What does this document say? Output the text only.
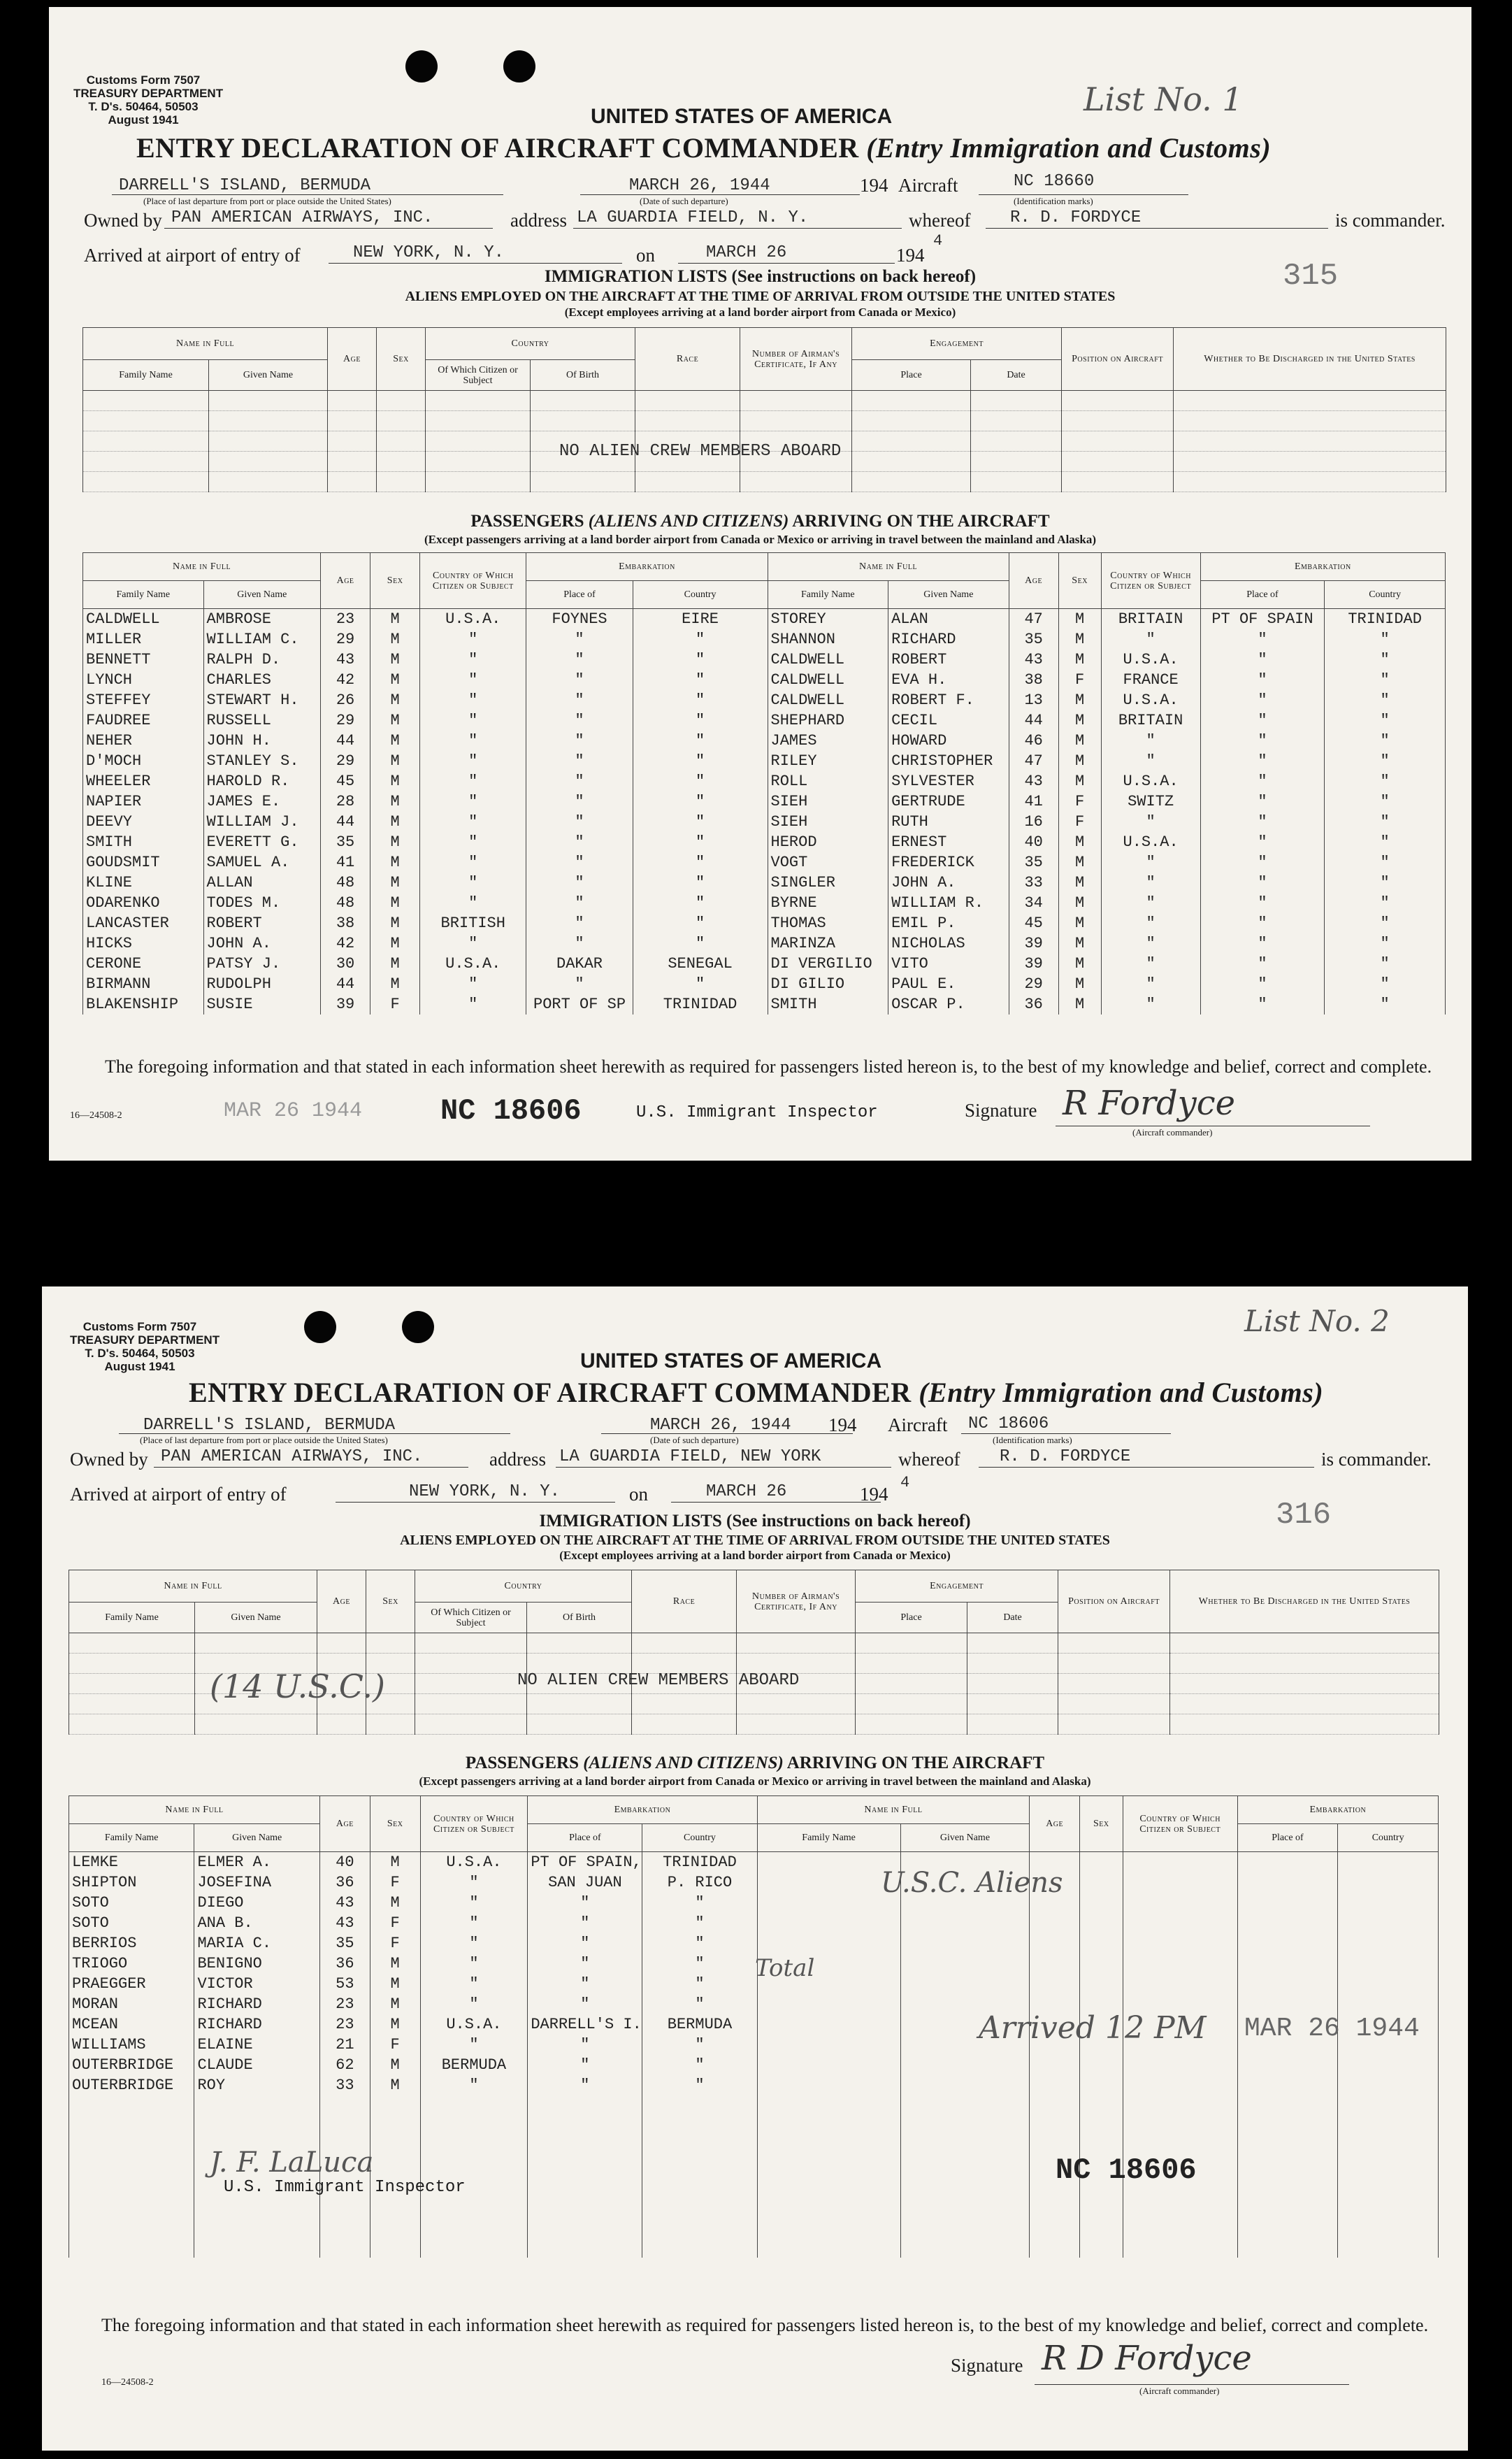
Customs Form 7507
TREASURY DEPARTMENT
T. D's. 50464, 50503
August 1941
List No. 1
UNITED STATES OF AMERICA
ENTRY DECLARATION OF AIRCRAFT COMMANDER (Entry Immigration and Customs)
DARRELL'S ISLAND, BERMUDA	MARCH 26, 1944	194 Aircraft	NC 18660
(Place of last departure from port or place outside the United States)	(Date of such departure)	(Identification marks)
Owned by PAN AMERICAN AIRWAYS, INC.	address LA GUARDIA FIELD, N. Y.	whereof R. D. FORDYCE	is commander.
Arrived at airport of entry of	NEW YORK, N. Y.	on	MARCH 26	194
4
315
IMMIGRATION LISTS (See instructions on back hereof)
ALIENS EMPLOYED ON THE AIRCRAFT AT THE TIME OF ARRIVAL FROM OUTSIDE THE UNITED STATES
(Except employees arriving at a land border airport from Canada or Mexico)
Name in Full		Age	Sex	Country		Race	Number of Airman's Certificate, If Any	Engagement		Position on Aircraft	Whether to Be Discharged in the United States
Family Name	Given Name			Of Which Citizen or Subject	Of Birth			Place	Date		

NO ALIEN CREW MEMBERS ABOARD
PASSENGERS (ALIENS AND CITIZENS) ARRIVING ON THE AIRCRAFT
(Except passengers arriving at a land border airport from Canada or Mexico or arriving in travel between the mainland and Alaska)
Name in Full		Age	Sex	Country of Which Citizen or Subject	Embarkation		Name in Full		Age	Sex	Country of Which Citizen or Subject	Embarkation	
Family Name	Given Name				Place of	Country	Family Name	Given Name				Place of	Country
CALDWELL	AMBROSE	23	M	U.S.A.	FOYNES	EIRE	STOREY	ALAN	47	M	BRITAIN	PT OF SPAIN	TRINIDAD
MILLER	WILLIAM C.	29	M	"	"	"	SHANNON	RICHARD	35	M	"	"	"
BENNETT	RALPH D.	43	M	"	"	"	CALDWELL	ROBERT	43	M	U.S.A.	"	"
LYNCH	CHARLES	42	M	"	"	"	CALDWELL	EVA H.	38	F	FRANCE	"	"
STEFFEY	STEWART H.	26	M	"	"	"	CALDWELL	ROBERT F.	13	M	U.S.A.	"	"
FAUDREE	RUSSELL	29	M	"	"	"	SHEPHARD	CECIL	44	M	BRITAIN	"	"
NEHER	JOHN H.	44	M	"	"	"	JAMES	HOWARD	46	M	"	"	"
D'MOCH	STANLEY S.	29	M	"	"	"	RILEY	CHRISTOPHER	47	M	"	"	"
WHEELER	HAROLD R.	45	M	"	"	"	ROLL	SYLVESTER	43	M	U.S.A.	"	"
NAPIER	JAMES E.	28	M	"	"	"	SIEH	GERTRUDE	41	F	SWITZ	"	"
DEEVY	WILLIAM J.	44	M	"	"	"	SIEH	RUTH	16	F	"	"	"
SMITH	EVERETT G.	35	M	"	"	"	HEROD	ERNEST	40	M	U.S.A.	"	"
GOUDSMIT	SAMUEL A.	41	M	"	"	"	VOGT	FREDERICK	35	M	"	"	"
KLINE	ALLAN	48	M	"	"	"	SINGLER	JOHN A.	33	M	"	"	"
ODARENKO	TODES M.	48	M	"	"	"	BYRNE	WILLIAM R.	34	M	"	"	"
LANCASTER	ROBERT	38	M	BRITISH	"	"	THOMAS	EMIL P.	45	M	"	"	"
HICKS	JOHN A.	42	M	"	"	"	MARINZA	NICHOLAS	39	M	"	"	"
CERONE	PATSY J.	30	M	U.S.A.	DAKAR	SENEGAL	DI VERGILIO	VITO	39	M	"	"	"
BIRMANN	RUDOLPH	44	M	"	"	"	DI GILIO	PAUL E.	29	M	"	"	"
BLAKENSHIP	SUSIE	39	F	"	PORT OF SP	TRINIDAD	SMITH	OSCAR P.	36	M	"	"	"
The foregoing information and that stated in each information sheet herewith as required for passengers listed hereon is, to the best of my knowledge and belief, correct and complete.
16—24508-2	MAR 26 1944	NC 18606	U.S. Immigrant Inspector	Signature R Fordyce
(Aircraft commander)
Customs Form 7507
TREASURY DEPARTMENT
T. D's. 50464, 50503
August 1941
List No. 2
UNITED STATES OF AMERICA
ENTRY DECLARATION OF AIRCRAFT COMMANDER (Entry Immigration and Customs)
DARRELL'S ISLAND, BERMUDA	MARCH 26, 1944 194 Aircraft NC 18606
(Place of last departure from port or place outside the United States)	(Date of such departure)	(Identification marks)
Owned by PAN AMERICAN AIRWAYS, INC.	address LA GUARDIA FIELD, NEW YORK	whereof R. D. FORDYCE	is commander.
Arrived at airport of entry of	NEW YORK, N. Y.	on	MARCH 26	194
4
316
IMMIGRATION LISTS (See instructions on back hereof)
ALIENS EMPLOYED ON THE AIRCRAFT AT THE TIME OF ARRIVAL FROM OUTSIDE THE UNITED STATES
(Except employees arriving at a land border airport from Canada or Mexico)
Name in Full		Age	Sex	Country		Race	Number of Airman's Certificate, If Any	Engagement		Position on Aircraft	Whether to Be Discharged in the United States
Family Name	Given Name			Of Which Citizen or Subject	Of Birth			Place	Date		

NO ALIEN CREW MEMBERS ABOARD
(14 U.S.C.)
PASSENGERS (ALIENS AND CITIZENS) ARRIVING ON THE AIRCRAFT
(Except passengers arriving at a land border airport from Canada or Mexico or arriving in travel between the mainland and Alaska)
Name in Full		Age	Sex	Country of Which Citizen or Subject	Embarkation		Name in Full		Age	Sex	Country of Which Citizen or Subject	Embarkation	
Family Name	Given Name				Place of	Country	Family Name	Given Name				Place of	Country
LEMKE	ELMER A.	40	M	U.S.A.	PT OF SPAIN,	TRINIDAD							
SHIPTON	JOSEFINA	36	F	"	SAN JUAN	P. RICO							
SOTO	DIEGO	43	M	"	"	"							
SOTO	ANA B.	43	F	"	"	"							
BERRIOS	MARIA C.	35	F	"	"	"							
TRIOGO	BENIGNO	36	M	"	"	"							
PRAEGGER	VICTOR	53	M	"	"	"							
MORAN	RICHARD	23	M	"	"	"							
MCEAN	RICHARD	23	M	U.S.A.	DARRELL'S I.	BERMUDA							
WILLIAMS	ELAINE	21	F	"	"	"							
OUTERBRIDGE	CLAUDE	62	M	BERMUDA	"	"							
OUTERBRIDGE	ROY	33	M	"	"	"							

U.S.C. Aliens
Total
Arrived 12 PM MAR 26 1944
NC 18606
J. F. LaLuca
U.S. Immigrant Inspector
The foregoing information and that stated in each information sheet herewith as required for passengers listed hereon is, to the best of my knowledge and belief, correct and complete.
16—24508-2
Signature R D Fordyce
(Aircraft commander)
